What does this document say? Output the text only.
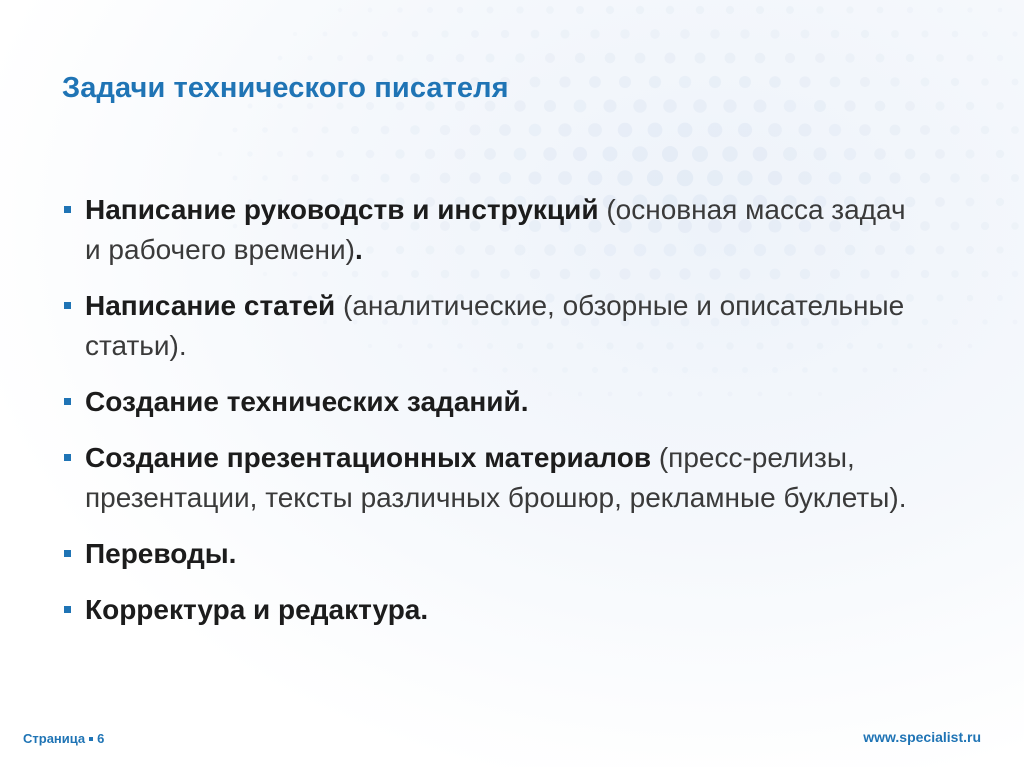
Задачи технического писателя
Написание руководств и инструкций (основная масса задач и рабочего времени).
Написание статей (аналитические, обзорные и описательные статьи).
Создание технических заданий.
Создание презентационных материалов (пресс-релизы, презентации, тексты различных брошюр, рекламные буклеты).
Переводы.
Корректура и редактура.
Страница 6	www.specialist.ru
